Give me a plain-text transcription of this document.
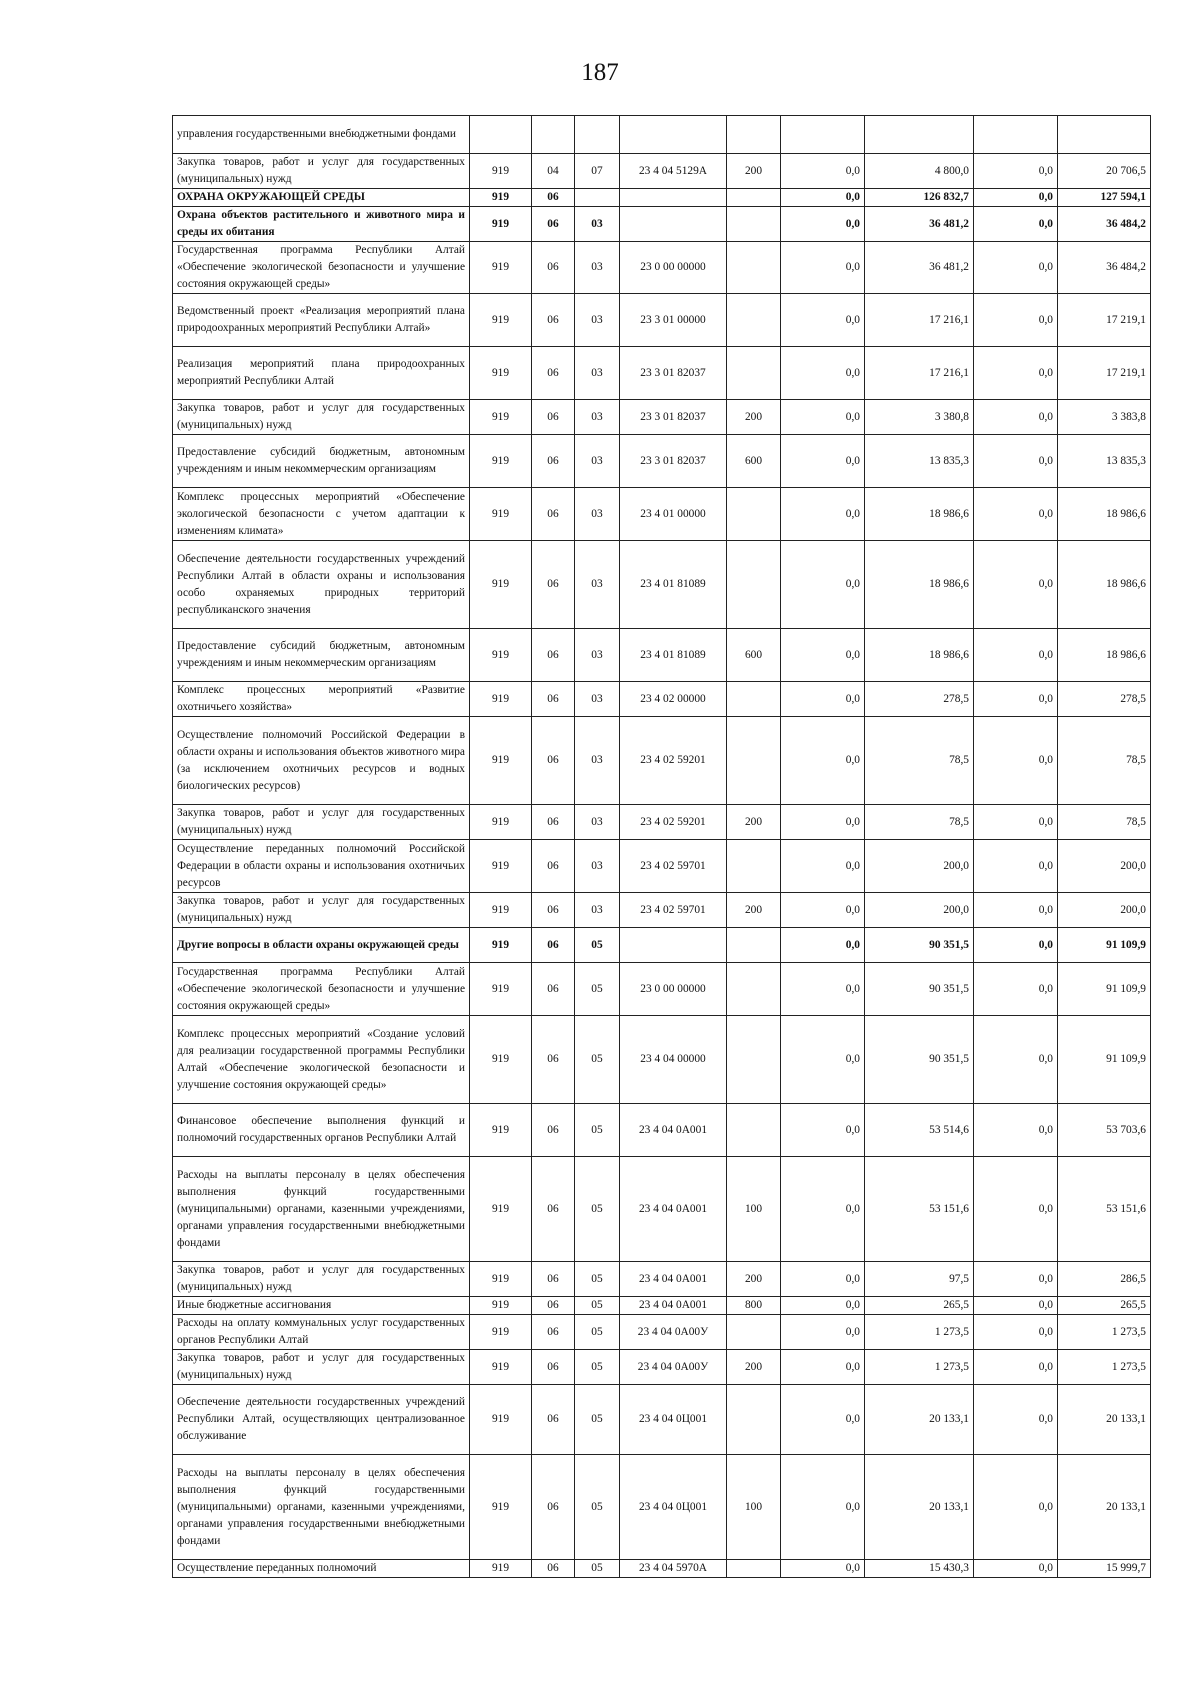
187
управления государственными внебюджетными фондами									
Закупка товаров, работ и услуг для государственных (муниципальных) нужд	919	04	07	23 4 04 5129А	200	0,0	4 800,0	0,0	20 706,5
ОХРАНА ОКРУЖАЮЩЕЙ СРЕДЫ	919	06				0,0	126 832,7	0,0	127 594,1
Охрана объектов растительного и животного мира и среды их обитания	919	06	03			0,0	36 481,2	0,0	36 484,2
Государственная программа Республики Алтай «Обеспечение экологической безопасности и улучшение состояния окружающей среды»	919	06	03	23 0 00 00000		0,0	36 481,2	0,0	36 484,2
Ведомственный проект «Реализация мероприятий плана природоохранных мероприятий Республики Алтай»	919	06	03	23 3 01 00000		0,0	17 216,1	0,0	17 219,1
Реализация мероприятий плана природоохранных мероприятий Республики Алтай	919	06	03	23 3 01 82037		0,0	17 216,1	0,0	17 219,1
Закупка товаров, работ и услуг для государственных (муниципальных) нужд	919	06	03	23 3 01 82037	200	0,0	3 380,8	0,0	3 383,8
Предоставление субсидий бюджетным, автономным учреждениям и иным некоммерческим организациям	919	06	03	23 3 01 82037	600	0,0	13 835,3	0,0	13 835,3
Комплекс процессных мероприятий «Обеспечение экологической безопасности с учетом адаптации к изменениям климата»	919	06	03	23 4 01 00000		0,0	18 986,6	0,0	18 986,6
Обеспечение деятельности государственных учреждений Республики Алтай в области охраны и использования особо охраняемых природных территорий республиканского значения	919	06	03	23 4 01 81089		0,0	18 986,6	0,0	18 986,6
Предоставление субсидий бюджетным, автономным учреждениям и иным некоммерческим организациям	919	06	03	23 4 01 81089	600	0,0	18 986,6	0,0	18 986,6
Комплекс процессных мероприятий «Развитие охотничьего хозяйства»	919	06	03	23 4 02 00000		0,0	278,5	0,0	278,5
Осуществление полномочий Российской Федерации в области охраны и использования объектов животного мира (за исключением охотничьих ресурсов и водных биологических ресурсов)	919	06	03	23 4 02 59201		0,0	78,5	0,0	78,5
Закупка товаров, работ и услуг для государственных (муниципальных) нужд	919	06	03	23 4 02 59201	200	0,0	78,5	0,0	78,5
Осуществление переданных полномочий Российской Федерации в области охраны и использования охотничьих ресурсов	919	06	03	23 4 02 59701		0,0	200,0	0,0	200,0
Закупка товаров, работ и услуг для государственных (муниципальных) нужд	919	06	03	23 4 02 59701	200	0,0	200,0	0,0	200,0
Другие вопросы в области охраны окружающей среды	919	06	05			0,0	90 351,5	0,0	91 109,9
Государственная программа Республики Алтай «Обеспечение экологической безопасности и улучшение состояния окружающей среды»	919	06	05	23 0 00 00000		0,0	90 351,5	0,0	91 109,9
Комплекс процессных мероприятий «Создание условий для реализации государственной программы Республики Алтай «Обеспечение экологической безопасности и улучшение состояния окружающей среды»	919	06	05	23 4 04 00000		0,0	90 351,5	0,0	91 109,9
Финансовое обеспечение выполнения функций и полномочий государственных органов Республики Алтай	919	06	05	23 4 04 0А001		0,0	53 514,6	0,0	53 703,6
Расходы на выплаты персоналу в целях обеспечения выполнения функций государственными (муниципальными) органами, казенными учреждениями, органами управления государственными внебюджетными фондами	919	06	05	23 4 04 0А001	100	0,0	53 151,6	0,0	53 151,6
Закупка товаров, работ и услуг для государственных (муниципальных) нужд	919	06	05	23 4 04 0А001	200	0,0	97,5	0,0	286,5
Иные бюджетные ассигнования	919	06	05	23 4 04 0А001	800	0,0	265,5	0,0	265,5
Расходы на оплату коммунальных услуг государственных органов Республики Алтай	919	06	05	23 4 04 0А00У		0,0	1 273,5	0,0	1 273,5
Закупка товаров, работ и услуг для государственных (муниципальных) нужд	919	06	05	23 4 04 0А00У	200	0,0	1 273,5	0,0	1 273,5
Обеспечение деятельности государственных учреждений Республики Алтай, осуществляющих централизованное обслуживание	919	06	05	23 4 04 0Ц001		0,0	20 133,1	0,0	20 133,1
Расходы на выплаты персоналу в целях обеспечения выполнения функций государственными (муниципальными) органами, казенными учреждениями, органами управления государственными внебюджетными фондами	919	06	05	23 4 04 0Ц001	100	0,0	20 133,1	0,0	20 133,1
Осуществление переданных полномочий	919	06	05	23 4 04 5970А		0,0	15 430,3	0,0	15 999,7
